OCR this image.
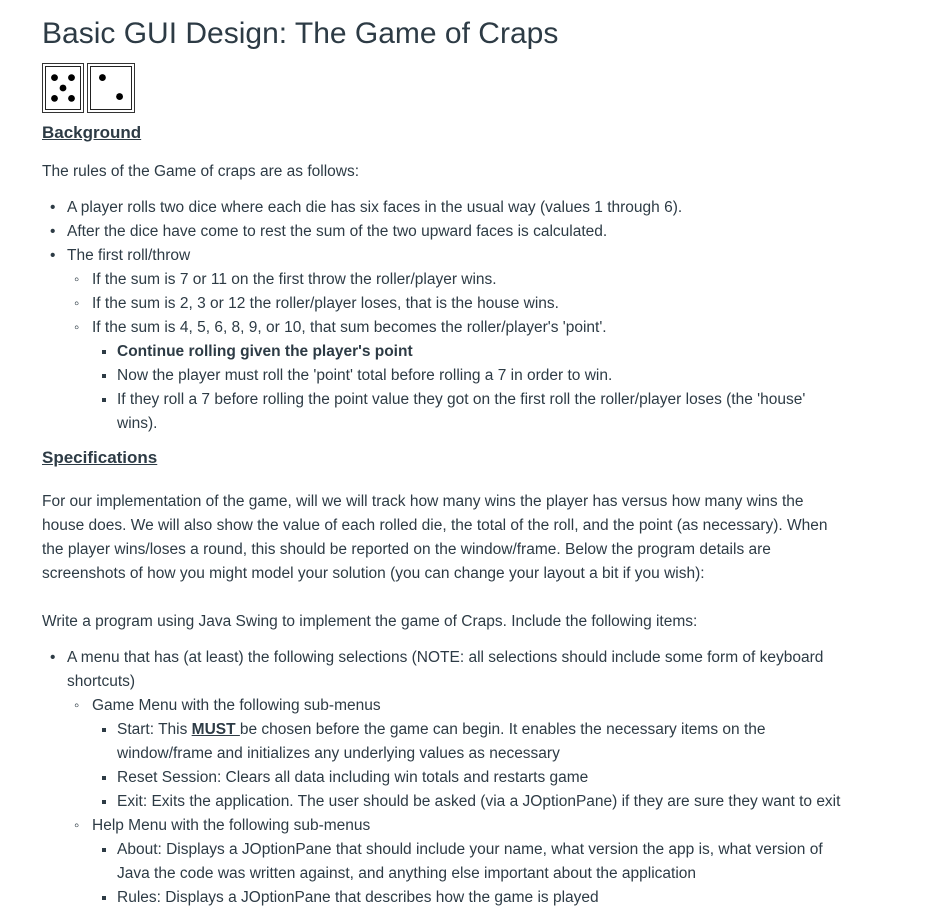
Basic GUI Design: The Game of Craps
Background

The rules of the Game of craps are as follows:

• A player rolls two dice where each die has six faces in the usual way (values 1 through 6).
• After the dice have come to rest the sum of the two upward faces is calculated.
• The first roll/throw
◦ If the sum is 7 or 11 on the first throw the roller/player wins.
◦ If the sum is 2, 3 or 12 the roller/player loses, that is the house wins.
◦ If the sum is 4, 5, 6, 8, 9, or 10, that sum becomes the roller/player's 'point'.
Continue rolling given the player's point
Now the player must roll the 'point' total before rolling a 7 in order to win.
If they roll a 7 before rolling the point value they got on the first roll the roller/player loses (the 'house' wins).
Specifications

For our implementation of the game, will we will track how many wins the player has versus how many wins the house does. We will also show the value of each rolled die, the total of the roll, and the point (as necessary). When the player wins/loses a round, this should be reported on the window/frame. Below the program details are screenshots of how you might model your solution (you can change your layout a bit if you wish):

Write a program using Java Swing to implement the game of Craps. Include the following items:

• A menu that has (at least) the following selections (NOTE: all selections should include some form of keyboard shortcuts)
◦ Game Menu with the following sub-menus
Start: This MUST be chosen before the game can begin. It enables the necessary items on the window/frame and initializes any underlying values as necessary
Reset Session: Clears all data including win totals and restarts game
Exit: Exits the application. The user should be asked (via a JOptionPane) if they are sure they want to exit
◦ Help Menu with the following sub-menus
About: Displays a JOptionPane that should include your name, what version the app is, what version of Java the code was written against, and anything else important about the application
Rules: Displays a JOptionPane that describes how the game is played
